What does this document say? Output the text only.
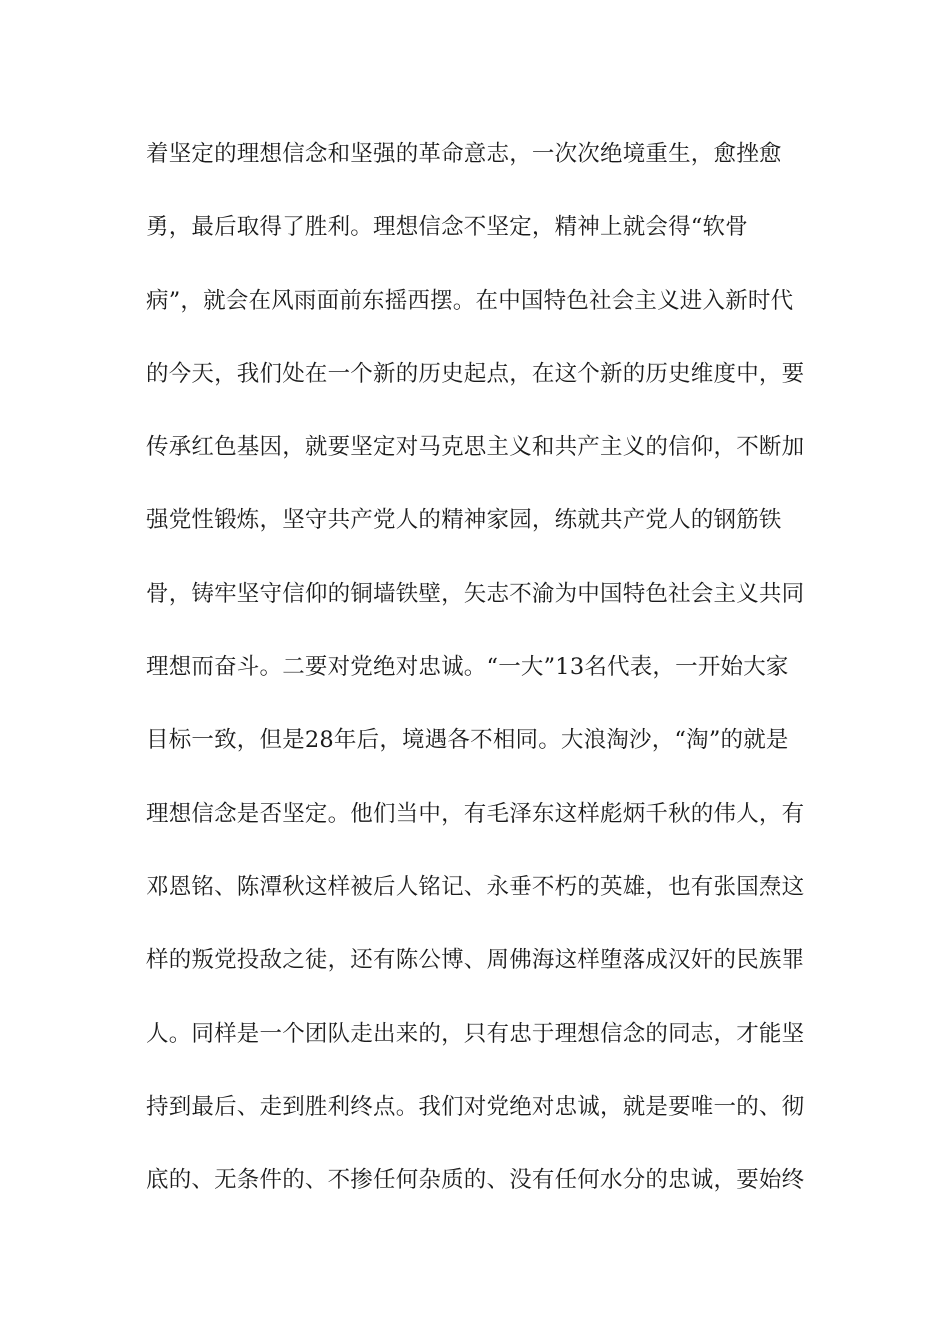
着坚定的理想信念和坚强的革命意志，一次次绝境重生，愈挫愈
勇，最后取得了胜利。理想信念不坚定，精神上就会得“软骨
病”，就会在风雨面前东摇西摆。在中国特色社会主义进入新时代
的今天，我们处在一个新的历史起点，在这个新的历史维度中，要
传承红色基因，就要坚定对马克思主义和共产主义的信仰，不断加
强党性锻炼，坚守共产党人的精神家园，练就共产党人的钢筋铁
骨，铸牢坚守信仰的铜墙铁壁，矢志不渝为中国特色社会主义共同
理想而奋斗。二要对党绝对忠诚。“一大”13名代表，一开始大家
目标一致，但是28年后，境遇各不相同。大浪淘沙，“淘”的就是
理想信念是否坚定。他们当中，有毛泽东这样彪炳千秋的伟人，有
邓恩铭、陈潭秋这样被后人铭记、永垂不朽的英雄，也有张国焘这
样的叛党投敌之徒，还有陈公博、周佛海这样堕落成汉奸的民族罪
人。同样是一个团队走出来的，只有忠于理想信念的同志，才能坚
持到最后、走到胜利终点。我们对党绝对忠诚，就是要唯一的、彻
底的、无条件的、不掺任何杂质的、没有任何水分的忠诚，要始终
